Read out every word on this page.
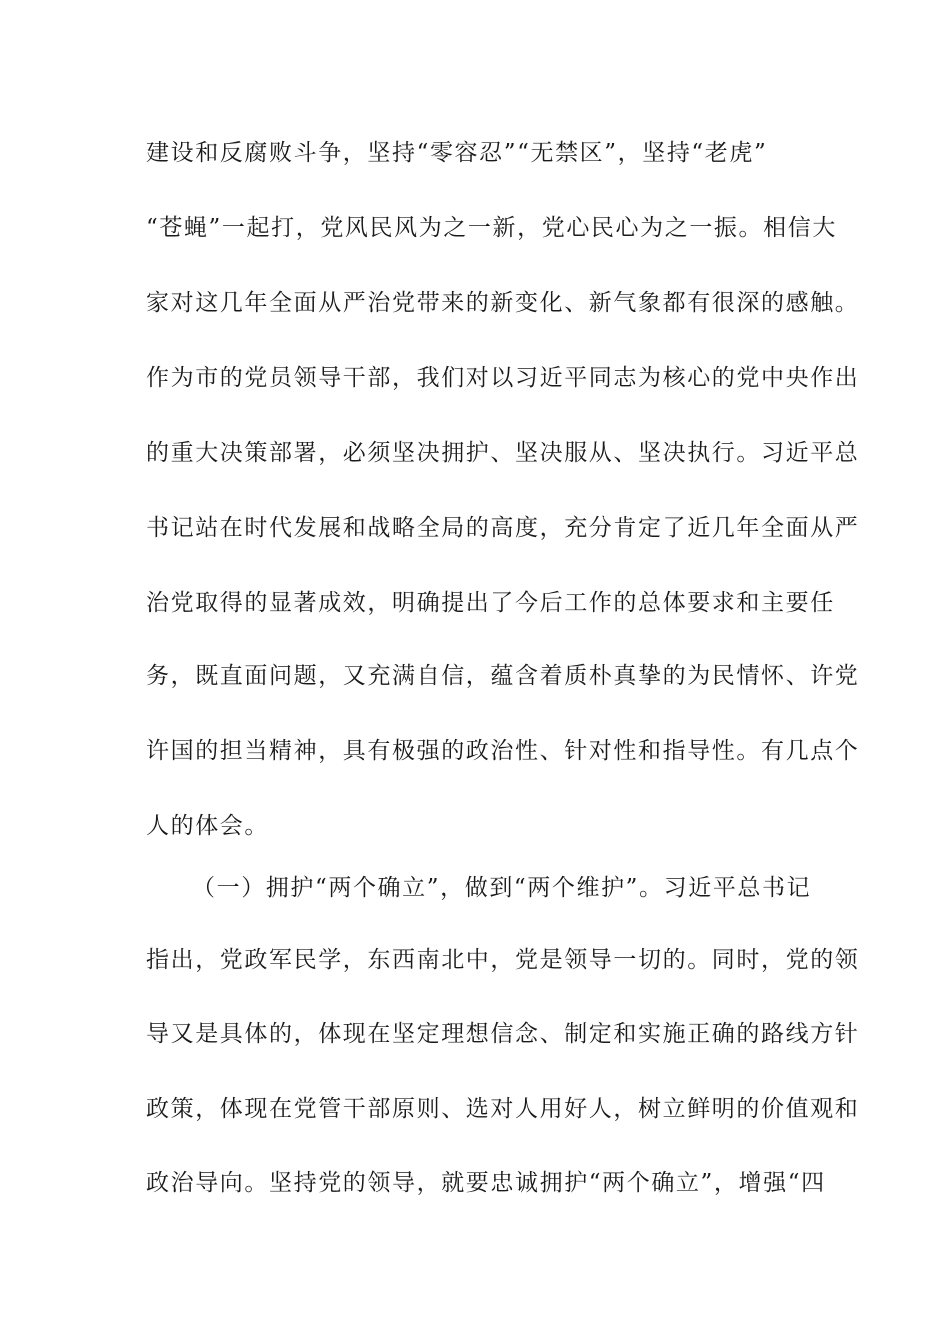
建设和反腐败斗争，坚持“零容忍”“无禁区”，坚持“老虎”
“苍蝇”一起打，党风民风为之一新，党心民心为之一振。相信大
家对这几年全面从严治党带来的新变化、新气象都有很深的感触。
作为市的党员领导干部，我们对以习近平同志为核心的党中央作出
的重大决策部署，必须坚决拥护、坚决服从、坚决执行。习近平总
书记站在时代发展和战略全局的高度，充分肯定了近几年全面从严
治党取得的显著成效，明确提出了今后工作的总体要求和主要任
务，既直面问题，又充满自信，蕴含着质朴真挚的为民情怀、许党
许国的担当精神，具有极强的政治性、针对性和指导性。有几点个
人的体会。
（一）拥护“两个确立”，做到“两个维护”。习近平总书记
指出，党政军民学，东西南北中，党是领导一切的。同时，党的领
导又是具体的，体现在坚定理想信念、制定和实施正确的路线方针
政策，体现在党管干部原则、选对人用好人，树立鲜明的价值观和
政治导向。坚持党的领导，就要忠诚拥护“两个确立”，增强“四
